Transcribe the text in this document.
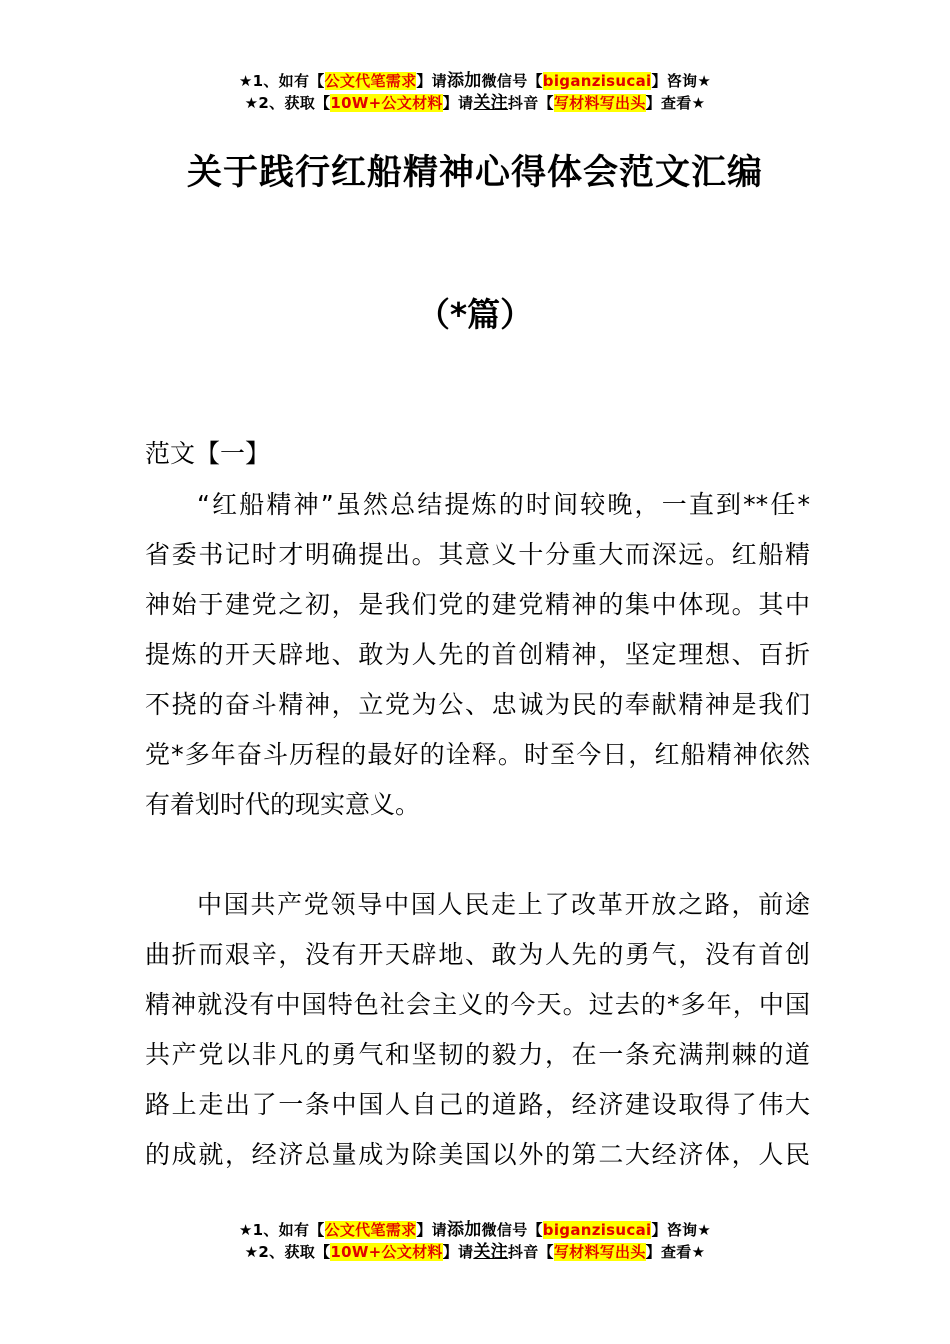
★1、如有【公文代笔需求】请添加微信号【biganzisucai】咨询★
★2、获取【10W+公文材料】请关注抖音【写材料写出头】查看★
关于践行红船精神心得体会范文汇编
（*篇）
范文【一】
“红船精神”虽然总结提炼的时间较晚，一直到**任*
省委书记时才明确提出。其意义十分重大而深远。红船精
神始于建党之初，是我们党的建党精神的集中体现。其中
提炼的开天辟地、敢为人先的首创精神，坚定理想、百折
不挠的奋斗精神，立党为公、忠诚为民的奉献精神是我们
党*多年奋斗历程的最好的诠释。时至今日，红船精神依然
有着划时代的现实意义。
中国共产党领导中国人民走上了改革开放之路，前途
曲折而艰辛，没有开天辟地、敢为人先的勇气，没有首创
精神就没有中国特色社会主义的今天。过去的*多年，中国
共产党以非凡的勇气和坚韧的毅力，在一条充满荆棘的道
路上走出了一条中国人自己的道路，经济建设取得了伟大
的成就，经济总量成为除美国以外的第二大经济体，人民
★1、如有【公文代笔需求】请添加微信号【biganzisucai】咨询★
★2、获取【10W+公文材料】请关注抖音【写材料写出头】查看★
